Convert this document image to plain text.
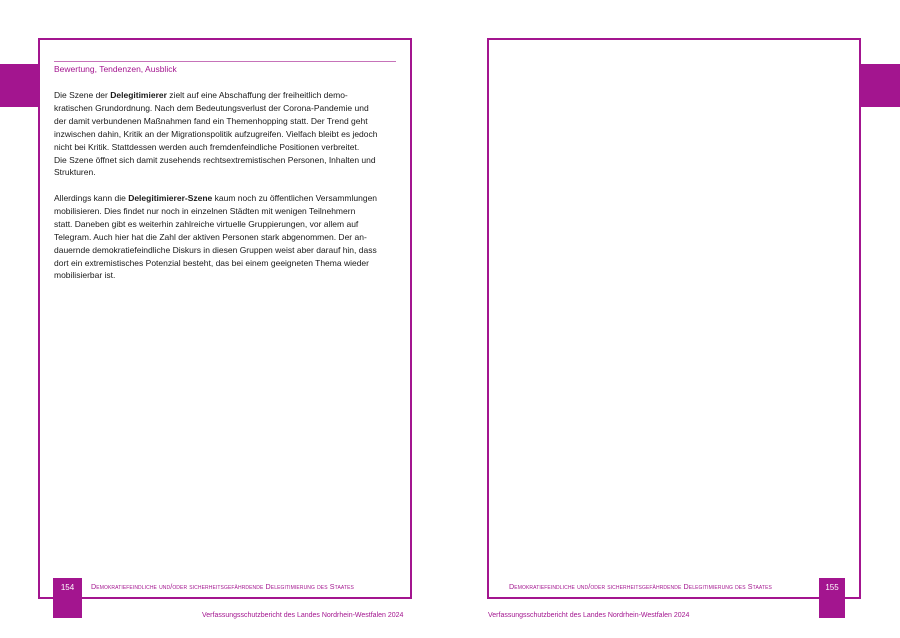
Bewertung, Tendenzen, Ausblick
Die Szene der Delegitimierer zielt auf eine Abschaffung der freiheitlich demo-
kratischen Grundordnung. Nach dem Bedeutungsverlust der Corona-Pandemie und
der damit verbundenen Maßnahmen fand ein Themenhopping statt. Der Trend geht
inzwischen dahin, Kritik an der Migrationspolitik aufzugreifen. Vielfach bleibt es jedoch
nicht bei Kritik. Stattdessen werden auch fremdenfeindliche Positionen verbreitet.
Die Szene öffnet sich damit zusehends rechtsextremistischen Personen, Inhalten und
Strukturen.
Allerdings kann die Delegitimierer-Szene kaum noch zu öffentlichen Versammlungen
mobilisieren. Dies findet nur noch in einzelnen Städten mit wenigen Teilnehmern
statt. Daneben gibt es weiterhin zahlreiche virtuelle Gruppierungen, vor allem auf
Telegram. Auch hier hat die Zahl der aktiven Personen stark abgenommen. Der an-
dauernde demokratiefeindliche Diskurs in diesen Gruppen weist aber darauf hin, dass
dort ein extremistisches Potenzial besteht, das bei einem geeigneten Thema wieder
mobilisierbar ist.
154	155
Demokratiefeindliche und/oder sicherheitsgefährdende Delegitimierung des Staates	Demokratiefeindliche und/oder sicherheitsgefährdende Delegitimierung des Staates
Verfassungsschutzbericht des Landes Nordrhein-Westfalen 2024	Verfassungsschutzbericht des Landes Nordrhein-Westfalen 2024
